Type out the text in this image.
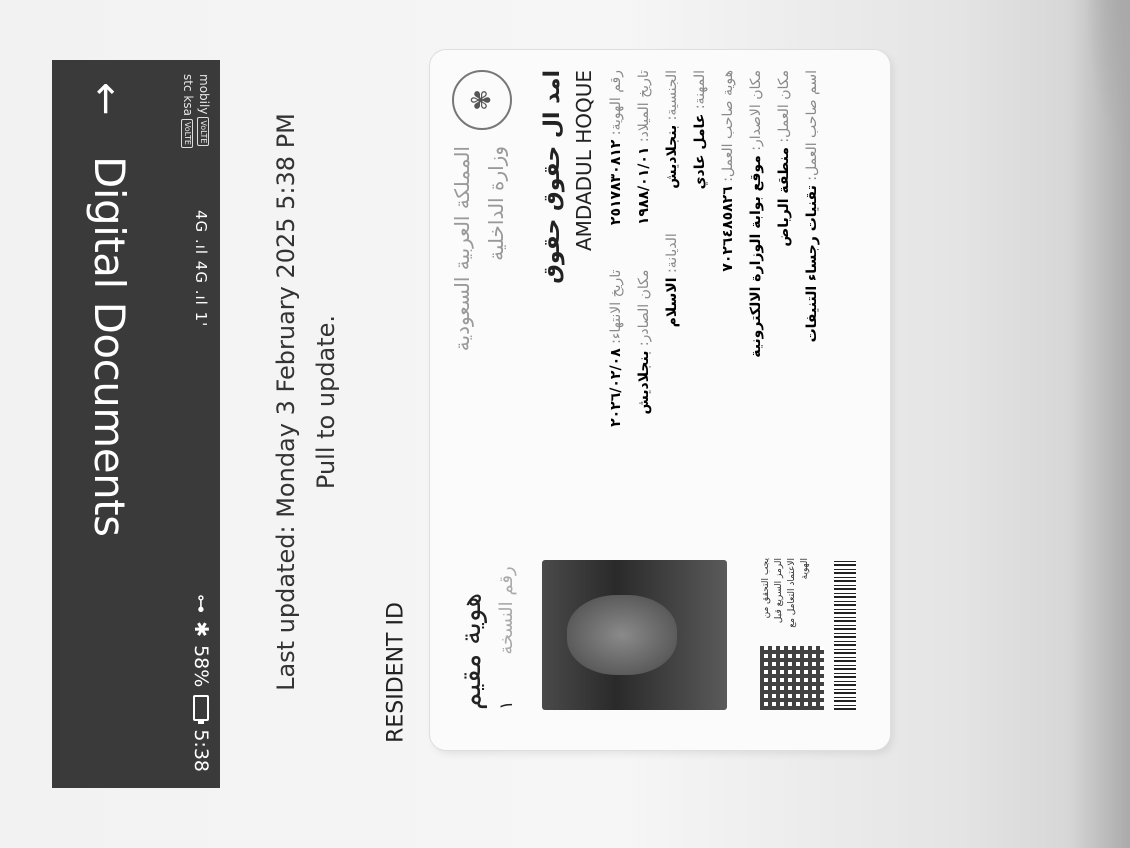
mobilyVoLTE
stc ksaVoLTE
4G .ıl 4G .ıl 1'
⊶
✱
58%
5:38
←
Digital Documents	Last updated: Monday 3 February 2025 5:38 PM Pull to update.
RESIDENT ID
✾
المملكة العربية السعودية وزارة الداخلية
هوية مقيم رقم النسخة ١
امد ال حقوق حقوق AMDADUL HOQUE رقم الهوية: ٢٥١٧٨٣٠٨١٢ تاريخ الانتهاء: ٢٠٢٦/٠٢/٠٨
تاريخ الميلاد: ١٩٨٨/٠١/٠١ مكان الصادر: بنجلاديش
الجنسية: بنجلاديش الديانة: الاسلام
المهنة: عامل عادي هوية صاحب العمل: ٧٠٢٦٤٨٥٨٢٦
مكان الاصدار: موقع بوابة الوزارة الالكترونية
مكان العمل: منطقة الرياض
اسم صاحب العمل: تقنيات رجساء التنيفات
يجب التحقق من الرمز السريع قبل الاعتماد التعامل مع الهوية
